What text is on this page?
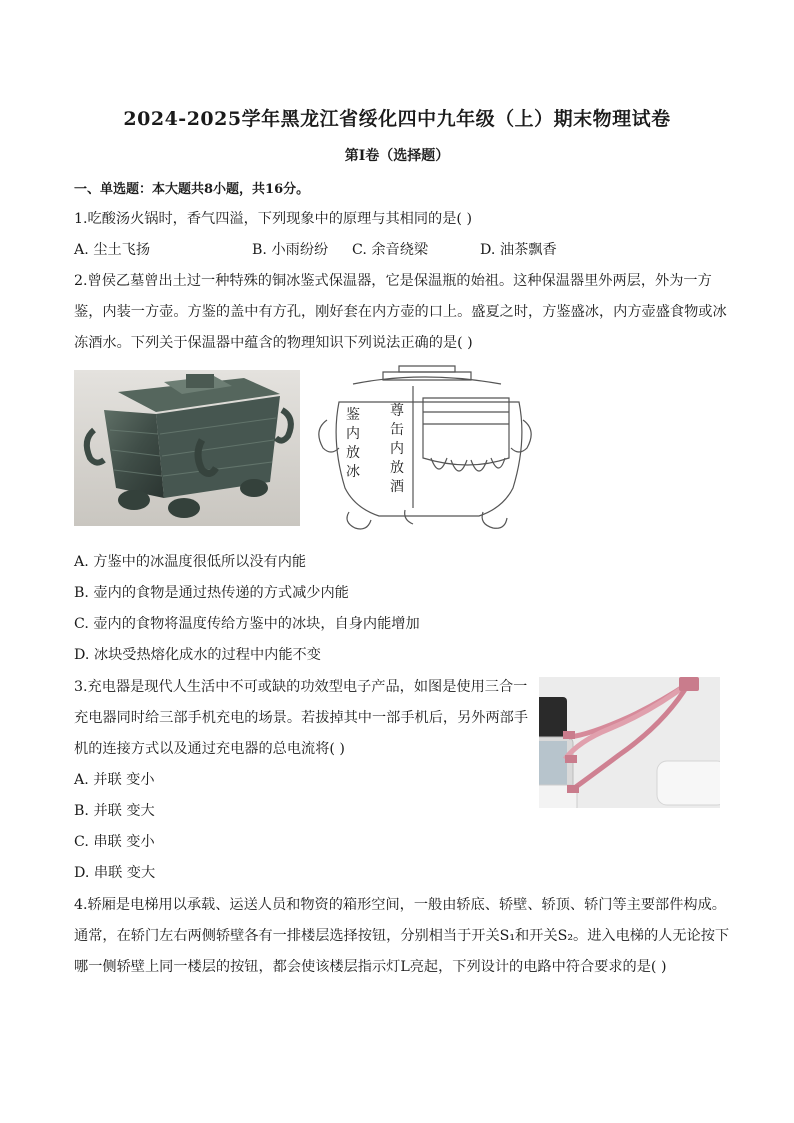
2024-2025学年黑龙江省绥化四中九年级（上）期末物理试卷
第Ⅰ卷（选择题）
一、单选题：本大题共8小题，共16分。
1.吃酸汤火锅时，香气四溢，下列现象中的原理与其相同的是( )
A. 尘土飞扬	B. 小雨纷纷 C. 余音绕梁	D. 油茶飘香
2.曾侯乙墓曾出土过一种特殊的铜冰鉴式保温器，它是保温瓶的始祖。这种保温器里外两层，外为一方
鉴，内装一方壶。方鉴的盖中有方孔，刚好套在内方壶的口上。盛夏之时，方鉴盛冰，内方壶盛食物或冰
冻酒水。下列关于保温器中蕴含的物理知识下列说法正确的是( )
鉴
内
放
冰
尊
缶
内
放
酒
A. 方鉴中的冰温度很低所以没有内能
B. 壶内的食物是通过热传递的方式减少内能
C. 壶内的食物将温度传给方鉴中的冰块，自身内能增加
D. 冰块受热熔化成水的过程中内能不变
3.充电器是现代人生活中不可或缺的功效型电子产品，如图是使用三合一
充电器同时给三部手机充电的场景。若拔掉其中一部手机后，另外两部手
机的连接方式以及通过充电器的总电流将( )
A. 并联 变小
B. 并联 变大
C. 串联 变小
D. 串联 变大
4.轿厢是电梯用以承载、运送人员和物资的箱形空间，一般由轿底、轿壁、轿顶、轿门等主要部件构成。
通常，在轿门左右两侧轿壁各有一排楼层选择按钮，分别相当于开关S₁和开关S₂。进入电梯的人无论按下
哪一侧轿壁上同一楼层的按钮，都会使该楼层指示灯L亮起，下列设计的电路中符合要求的是( )
